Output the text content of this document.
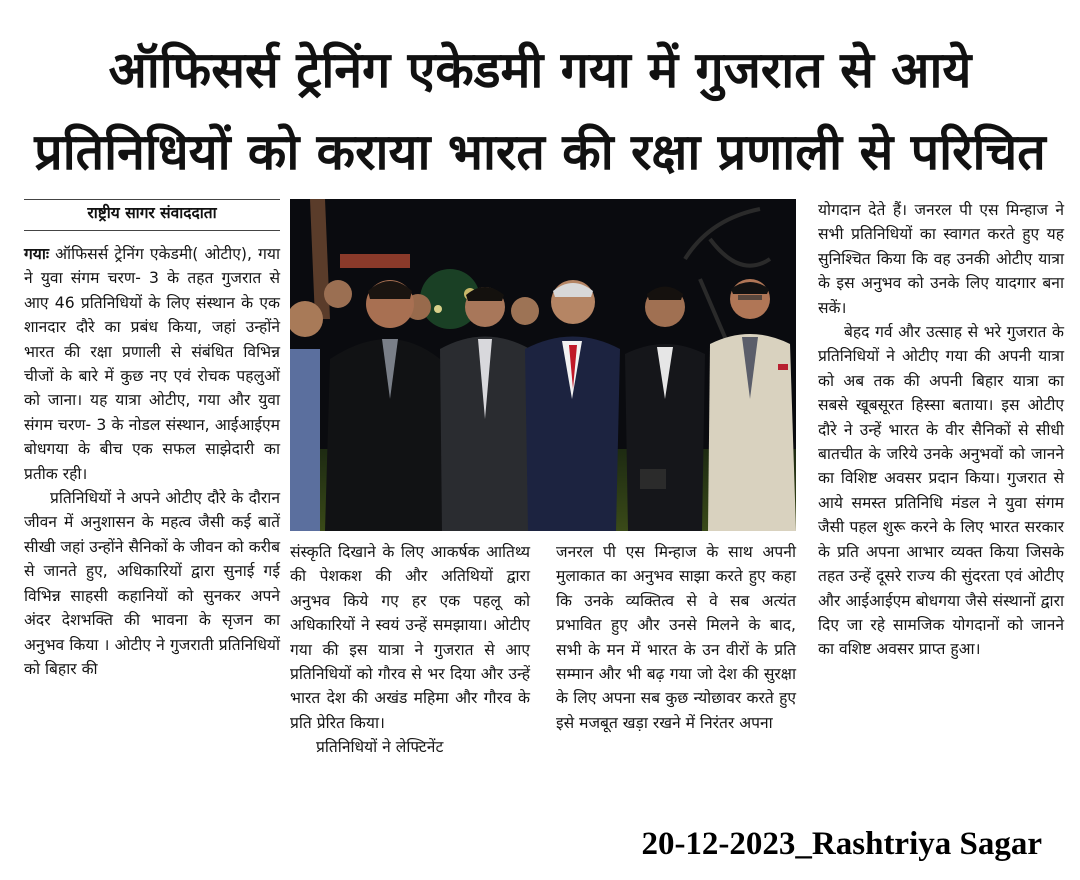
ऑफिसर्स ट्रेनिंग एकेडमी गया में गुजरात से आये
प्रतिनिधियों को कराया भारत की रक्षा प्रणाली से परिचित
राष्ट्रीय सागर संवाददाता

गयाः ऑफिसर्स ट्रेनिंग एकेडमी( ओटीए), गया ने युवा संगम चरण- 3 के तहत गुजरात से आए 46 प्रतिनिधियों के लिए संस्थान के एक शानदार दौरे का प्रबंध किया, जहां उन्होंने भारत की रक्षा प्रणाली से संबंधित विभिन्न चीजों के बारे में कुछ नए एवं रोचक पहलुओं को जाना। यह यात्रा ओटीए, गया और युवा संगम चरण- 3 के नोडल संस्थान, आईआईएम बोधगया के बीच एक सफल साझेदारी का प्रतीक रही।

प्रतिनिधियों ने अपने ओटीए दौरे के दौरान जीवन में अनुशासन के महत्व जैसी कई बातें सीखी जहां उन्होंने सैनिकों के जीवन को करीब से जानते हुए, अधिकारियों द्वारा सुनाई गई विभिन्न साहसी कहानियों को सुनकर अपने अंदर देशभक्ति की भावना के सृजन का अनुभव किया । ओटीए ने गुजराती प्रतिनिधियों को बिहार की

संस्कृति दिखाने के लिए आकर्षक आतिथ्य की पेशकश की और अतिथियों द्वारा अनुभव किये गए हर एक पहलू को अधिकारियों ने स्वयं उन्हें समझाया। ओटीए गया की इस यात्रा ने गुजरात से आए प्रतिनिधियों को गौरव से भर दिया और उन्हें भारत देश की अखंड महिमा और गौरव के प्रति प्रेरित किया।

प्रतिनिधियों ने लेफ्टिनेंट

जनरल पी एस मिन्हाज के साथ अपनी मुलाकात का अनुभव साझा करते हुए कहा कि उनके व्यक्तित्व से वे सब अत्यंत प्रभावित हुए और उनसे मिलने के बाद, सभी के मन में भारत के उन वीरों के प्रति सम्मान और भी बढ़ गया जो देश की सुरक्षा के लिए अपना सब कुछ न्योछावर करते हुए इसे मजबूत खड़ा रखने में निरंतर अपना

योगदान देते हैं। जनरल पी एस मिन्हाज ने सभी प्रतिनिधियों का स्वागत करते हुए यह सुनिश्चित किया कि वह उनकी ओटीए यात्रा के इस अनुभव को उनके लिए यादगार बना सकें।

बेहद गर्व और उत्साह से भरे गुजरात के प्रतिनिधियों ने ओटीए गया की अपनी यात्रा को अब तक की अपनी बिहार यात्रा का सबसे खूबसूरत हिस्सा बताया। इस ओटीए दौरे ने उन्हें भारत के वीर सैनिकों से सीधी बातचीत के जरिये उनके अनुभवों को जानने का विशिष्ट अवसर प्रदान किया। गुजरात से आये समस्त प्रतिनिधि मंडल ने युवा संगम जैसी पहल शुरू करने के लिए भारत सरकार के प्रति अपना आभार व्यक्त किया जिसके तहत उन्हें दूसरे राज्य की सुंदरता एवं ओटीए और आईआईएम बोधगया जैसे संस्थानों द्वारा दिए जा रहे सामजिक योगदानों को जानने का वशिष्ट अवसर प्राप्त हुआ।

20-12-2023_Rashtriya Sagar
